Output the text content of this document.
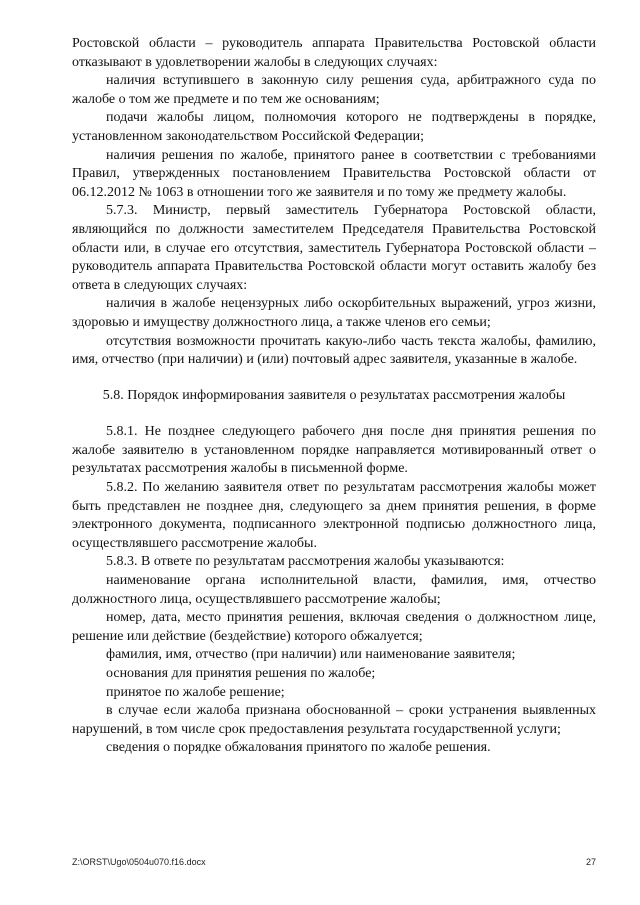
Ростовской области – руководитель аппарата Правительства Ростовской области отказывают в удовлетворении жалобы в следующих случаях:

наличия вступившего в законную силу решения суда, арбитражного суда по жалобе о том же предмете и по тем же основаниям;

подачи жалобы лицом, полномочия которого не подтверждены в порядке, установленном законодательством Российской Федерации;

наличия решения по жалобе, принятого ранее в соответствии с требованиями Правил, утвержденных постановлением Правительства Ростовской области от 06.12.2012 № 1063 в отношении того же заявителя и по тому же предмету жалобы.

5.7.3. Министр, первый заместитель Губернатора Ростовской области, являющийся по должности заместителем Председателя Правительства Ростовской области или, в случае его отсутствия, заместитель Губернатора Ростовской области – руководитель аппарата Правительства Ростовской области могут оставить жалобу без ответа в следующих случаях:

наличия в жалобе нецензурных либо оскорбительных выражений, угроз жизни, здоровью и имуществу должностного лица, а также членов его семьи;

отсутствия возможности прочитать какую-либо часть текста жалобы, фамилию, имя, отчество (при наличии) и (или) почтовый адрес заявителя, указанные в жалобе.

5.8. Порядок информирования заявителя о результатах рассмотрения жалобы

5.8.1. Не позднее следующего рабочего дня после дня принятия решения по жалобе заявителю в установленном порядке направляется мотивированный ответ о результатах рассмотрения жалобы в письменной форме.

5.8.2. По желанию заявителя ответ по результатам рассмотрения жалобы может быть представлен не позднее дня, следующего за днем принятия решения, в форме электронного документа, подписанного электронной подписью должностного лица, осуществлявшего рассмотрение жалобы.

5.8.3. В ответе по результатам рассмотрения жалобы указываются:

наименование органа исполнительной власти, фамилия, имя, отчество должностного лица, осуществлявшего рассмотрение жалобы;

номер, дата, место принятия решения, включая сведения о должностном лице, решение или действие (бездействие) которого обжалуется;

фамилия, имя, отчество (при наличии) или наименование заявителя;

основания для принятия решения по жалобе;

принятое по жалобе решение;

в случае если жалоба признана обоснованной – сроки устранения выявленных нарушений, в том числе срок предоставления результата государственной услуги;

сведения о порядке обжалования принятого по жалобе решения.

Z:\ORST\Ugo\0504u070.f16.docx	27
